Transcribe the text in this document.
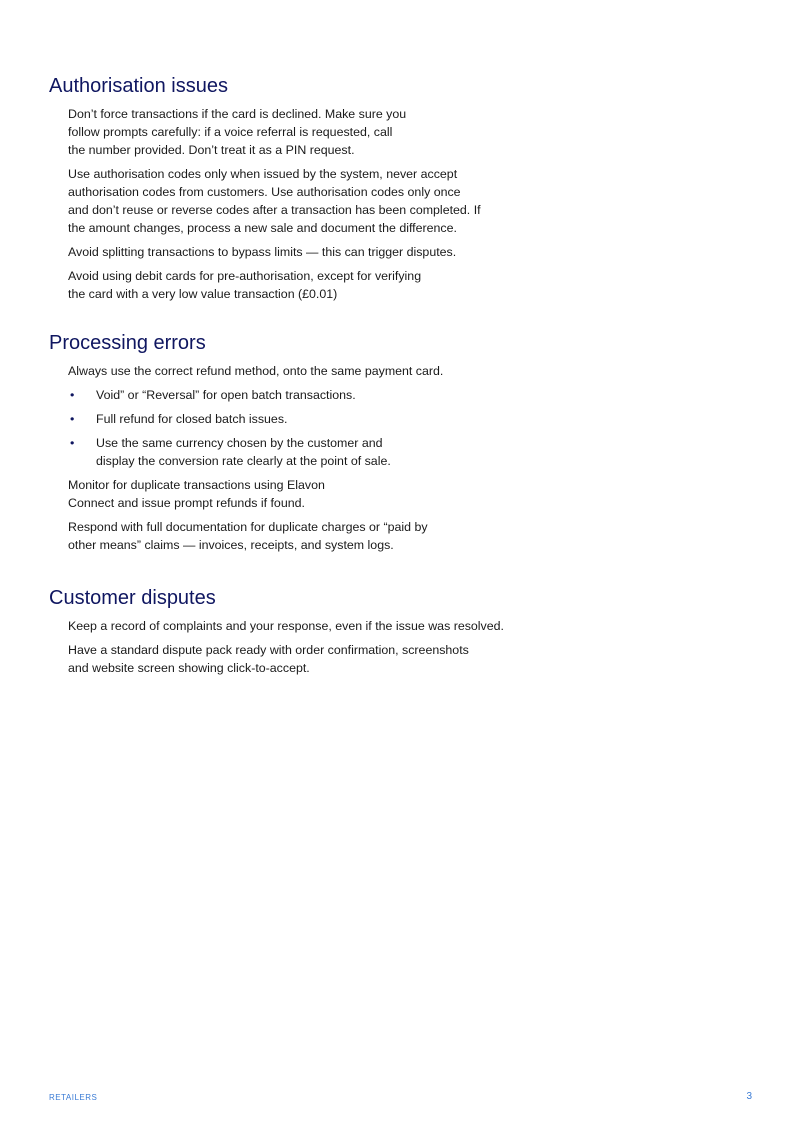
Authorisation issues

Don’t force transactions if the card is declined. Make sure you
follow prompts carefully: if a voice referral is requested, call
the number provided. Don’t treat it as a PIN request.

Use authorisation codes only when issued by the system, never accept
authorisation codes from customers. Use authorisation codes only once
and don’t reuse or reverse codes after a transaction has been completed. If
the amount changes, process a new sale and document the difference.

Avoid splitting transactions to bypass limits — this can trigger disputes.

Avoid using debit cards for pre-authorisation, except for verifying
the card with a very low value transaction (£0.01)

Processing errors

Always use the correct refund method, onto the same payment card.

• Void” or “Reversal” for open batch transactions.
• Full refund for closed batch issues.
• Use the same currency chosen by the customer and
display the conversion rate clearly at the point of sale.

Monitor for duplicate transactions using Elavon
Connect and issue prompt refunds if found.

Respond with full documentation for duplicate charges or “paid by
other means” claims — invoices, receipts, and system logs.

Customer disputes

Keep a record of complaints and your response, even if the issue was resolved.

Have a standard dispute pack ready with order confirmation, screenshots
and website screen showing click-to-accept.

RETAILERS	3
